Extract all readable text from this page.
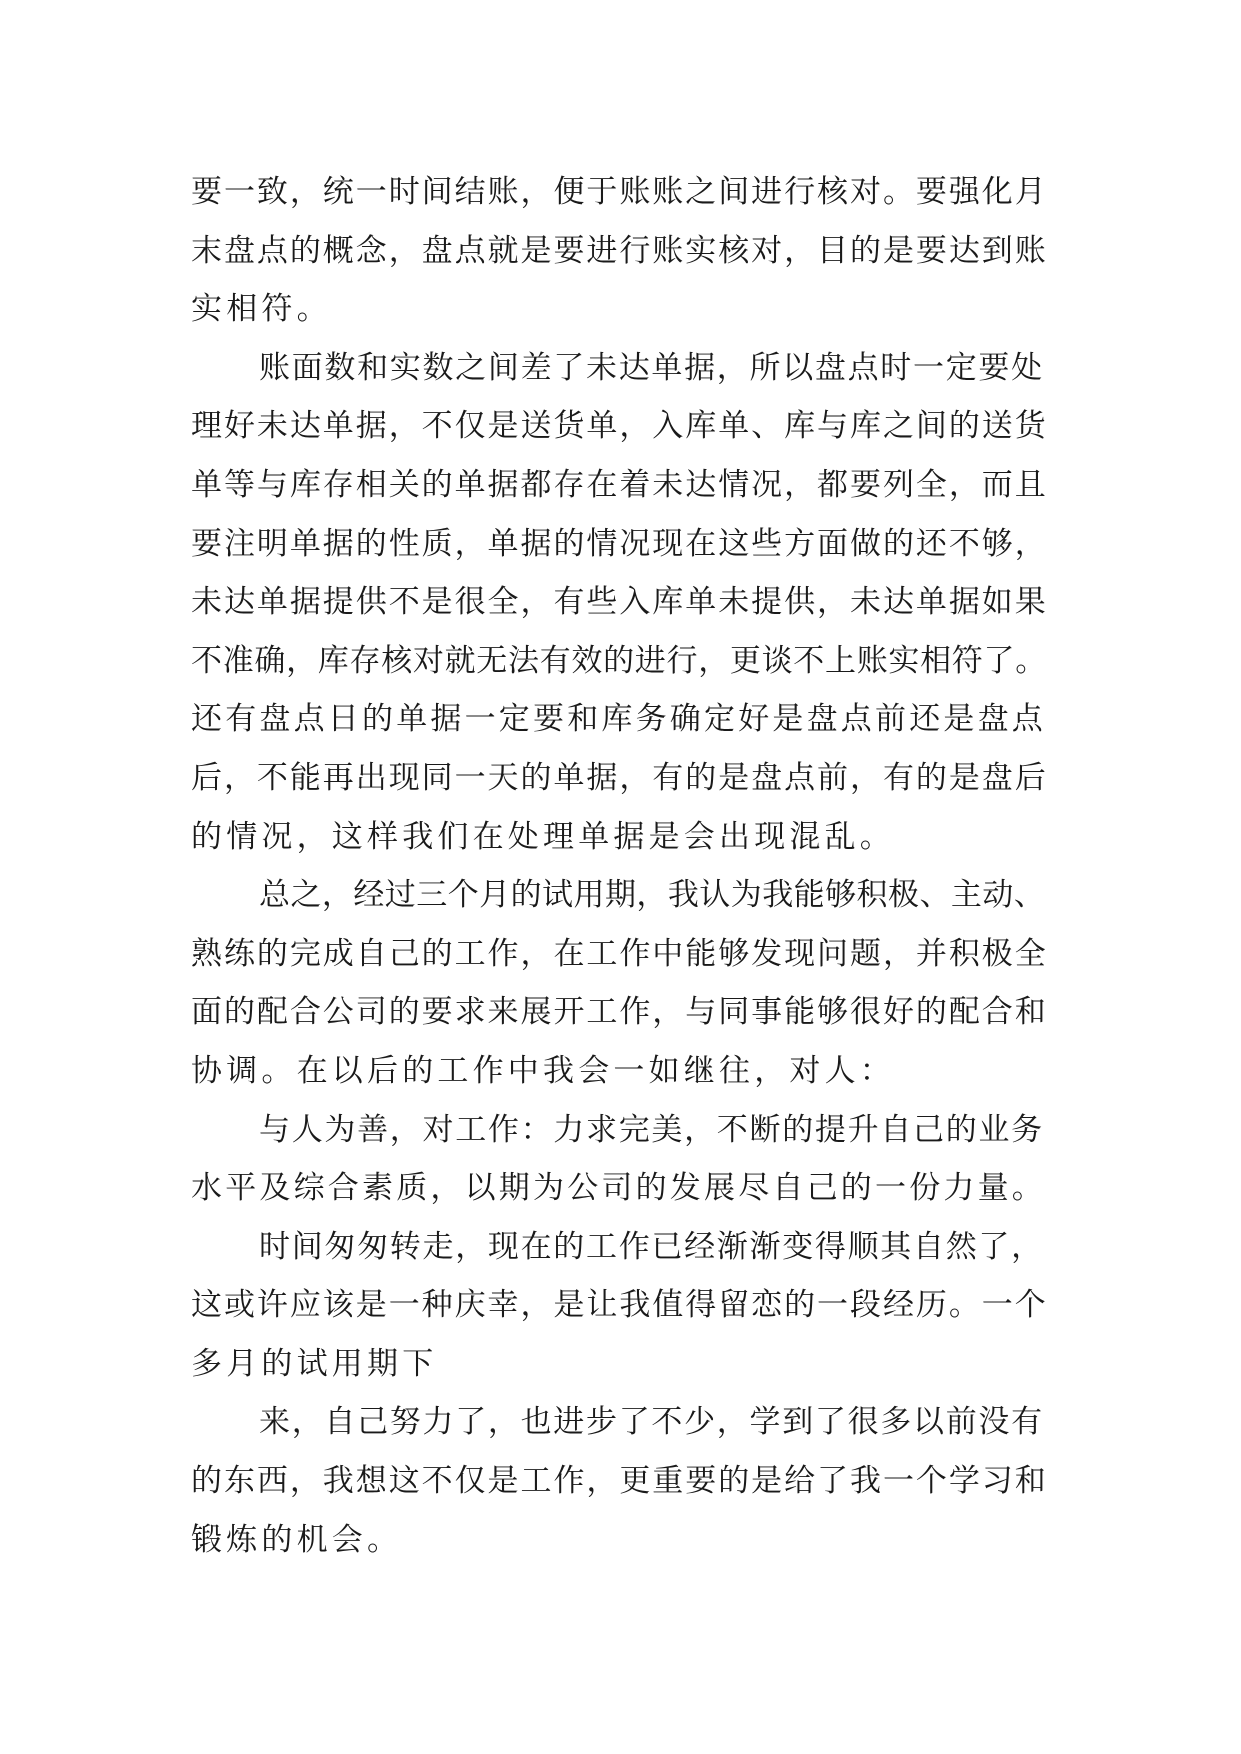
要一致，统一时间结账，便于账账之间进行核对。要强化月
末盘点的概念，盘点就是要进行账实核对，目的是要达到账
实相符。
账面数和实数之间差了未达单据，所以盘点时一定要处
理好未达单据，不仅是送货单，入库单、库与库之间的送货
单等与库存相关的单据都存在着未达情况，都要列全，而且
要注明单据的性质，单据的情况现在这些方面做的还不够，
未达单据提供不是很全，有些入库单未提供，未达单据如果
不准确，库存核对就无法有效的进行，更谈不上账实相符了。
还有盘点日的单据一定要和库务确定好是盘点前还是盘点
后，不能再出现同一天的单据，有的是盘点前，有的是盘后
的情况，这样我们在处理单据是会出现混乱。
总之，经过三个月的试用期，我认为我能够积极、主动、
熟练的完成自己的工作，在工作中能够发现问题，并积极全
面的配合公司的要求来展开工作，与同事能够很好的配合和
协调。在以后的工作中我会一如继往，对人：
与人为善，对工作：力求完美，不断的提升自己的业务
水平及综合素质，以期为公司的发展尽自己的一份力量。
时间匆匆转走，现在的工作已经渐渐变得顺其自然了，
这或许应该是一种庆幸，是让我值得留恋的一段经历。一个
多月的试用期下
来，自己努力了，也进步了不少，学到了很多以前没有
的东西，我想这不仅是工作，更重要的是给了我一个学习和
锻炼的机会。
